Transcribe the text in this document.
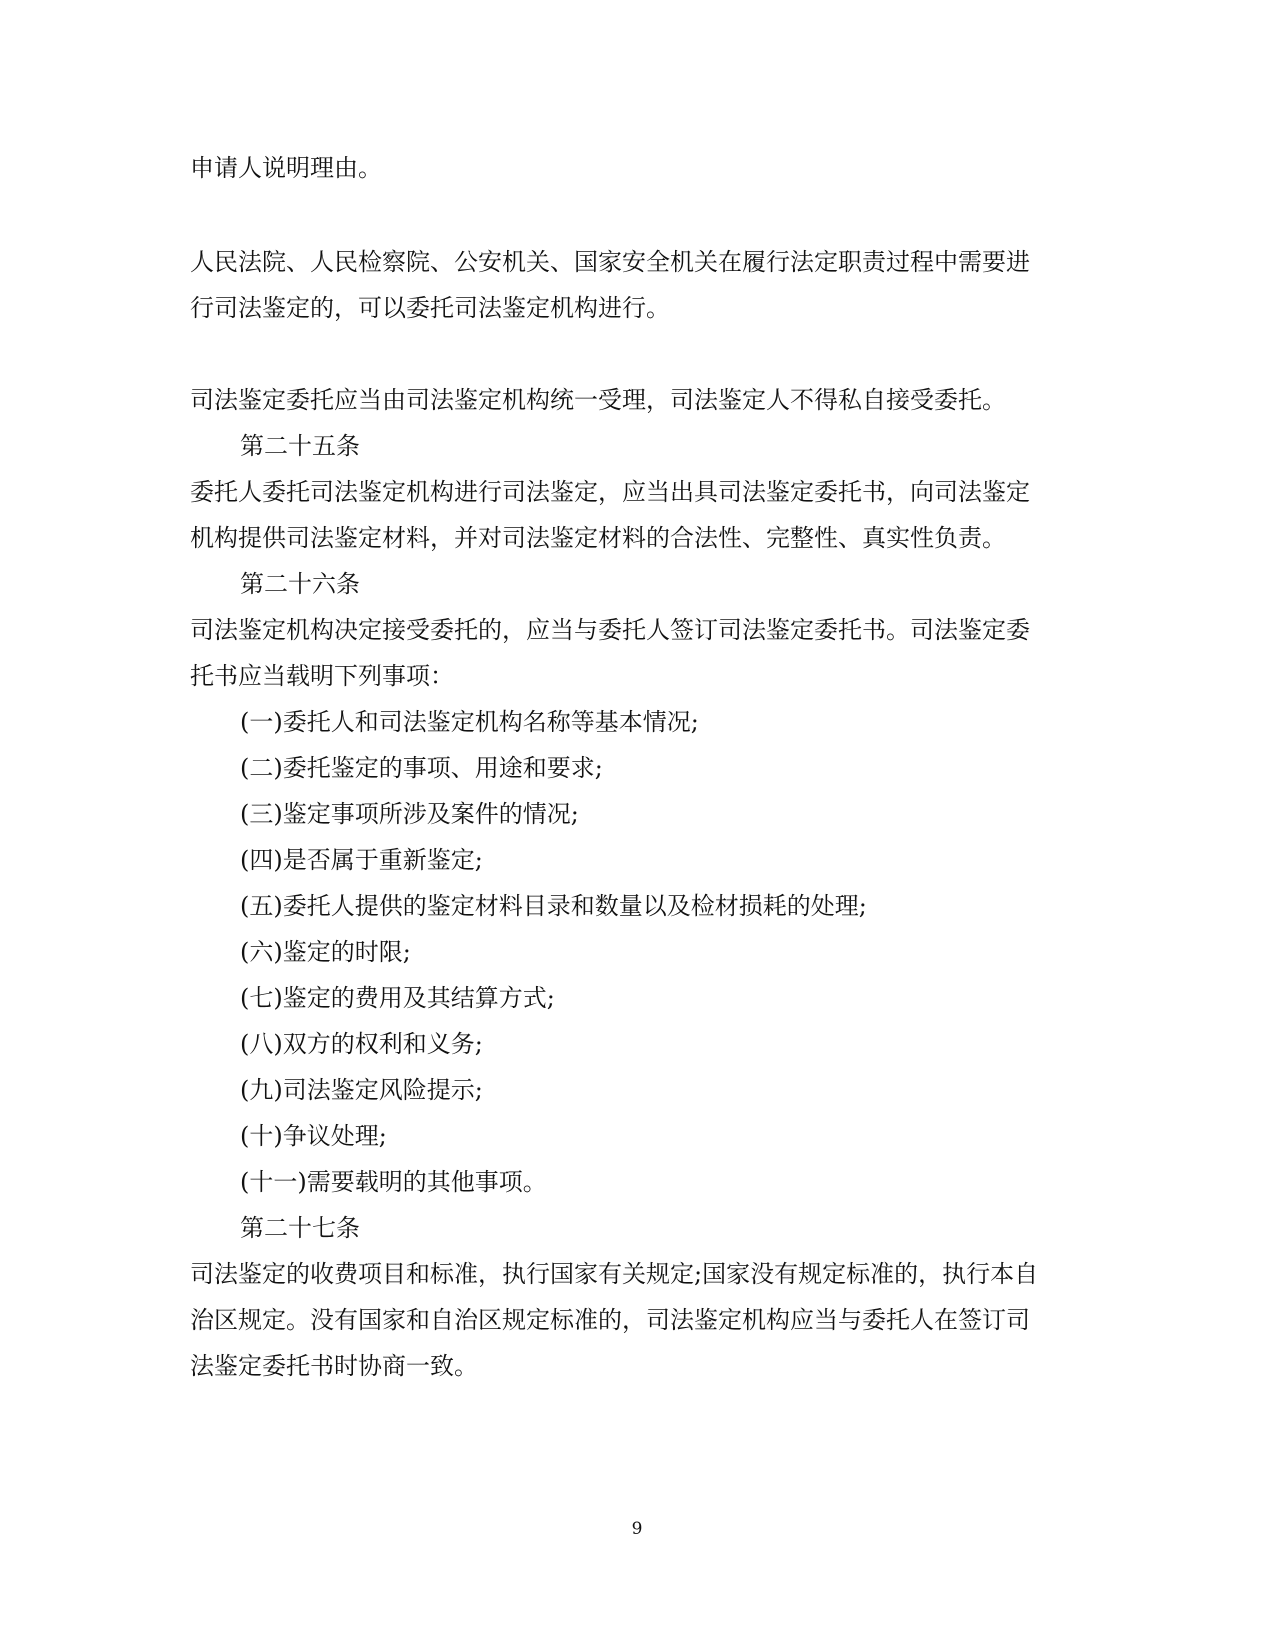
申请人说明理由。
人民法院、人民检察院、公安机关、国家安全机关在履行法定职责过程中需要进
行司法鉴定的，可以委托司法鉴定机构进行。
司法鉴定委托应当由司法鉴定机构统一受理，司法鉴定人不得私自接受委托。
第二十五条
委托人委托司法鉴定机构进行司法鉴定，应当出具司法鉴定委托书，向司法鉴定
机构提供司法鉴定材料，并对司法鉴定材料的合法性、完整性、真实性负责。
第二十六条
司法鉴定机构决定接受委托的，应当与委托人签订司法鉴定委托书。司法鉴定委
托书应当载明下列事项：
(一)委托人和司法鉴定机构名称等基本情况;
(二)委托鉴定的事项、用途和要求;
(三)鉴定事项所涉及案件的情况;
(四)是否属于重新鉴定;
(五)委托人提供的鉴定材料目录和数量以及检材损耗的处理;
(六)鉴定的时限;
(七)鉴定的费用及其结算方式;
(八)双方的权利和义务;
(九)司法鉴定风险提示;
(十)争议处理;
(十一)需要载明的其他事项。
第二十七条
司法鉴定的收费项目和标准，执行国家有关规定;国家没有规定标准的，执行本自
治区规定。没有国家和自治区规定标准的，司法鉴定机构应当与委托人在签订司
法鉴定委托书时协商一致。
9
